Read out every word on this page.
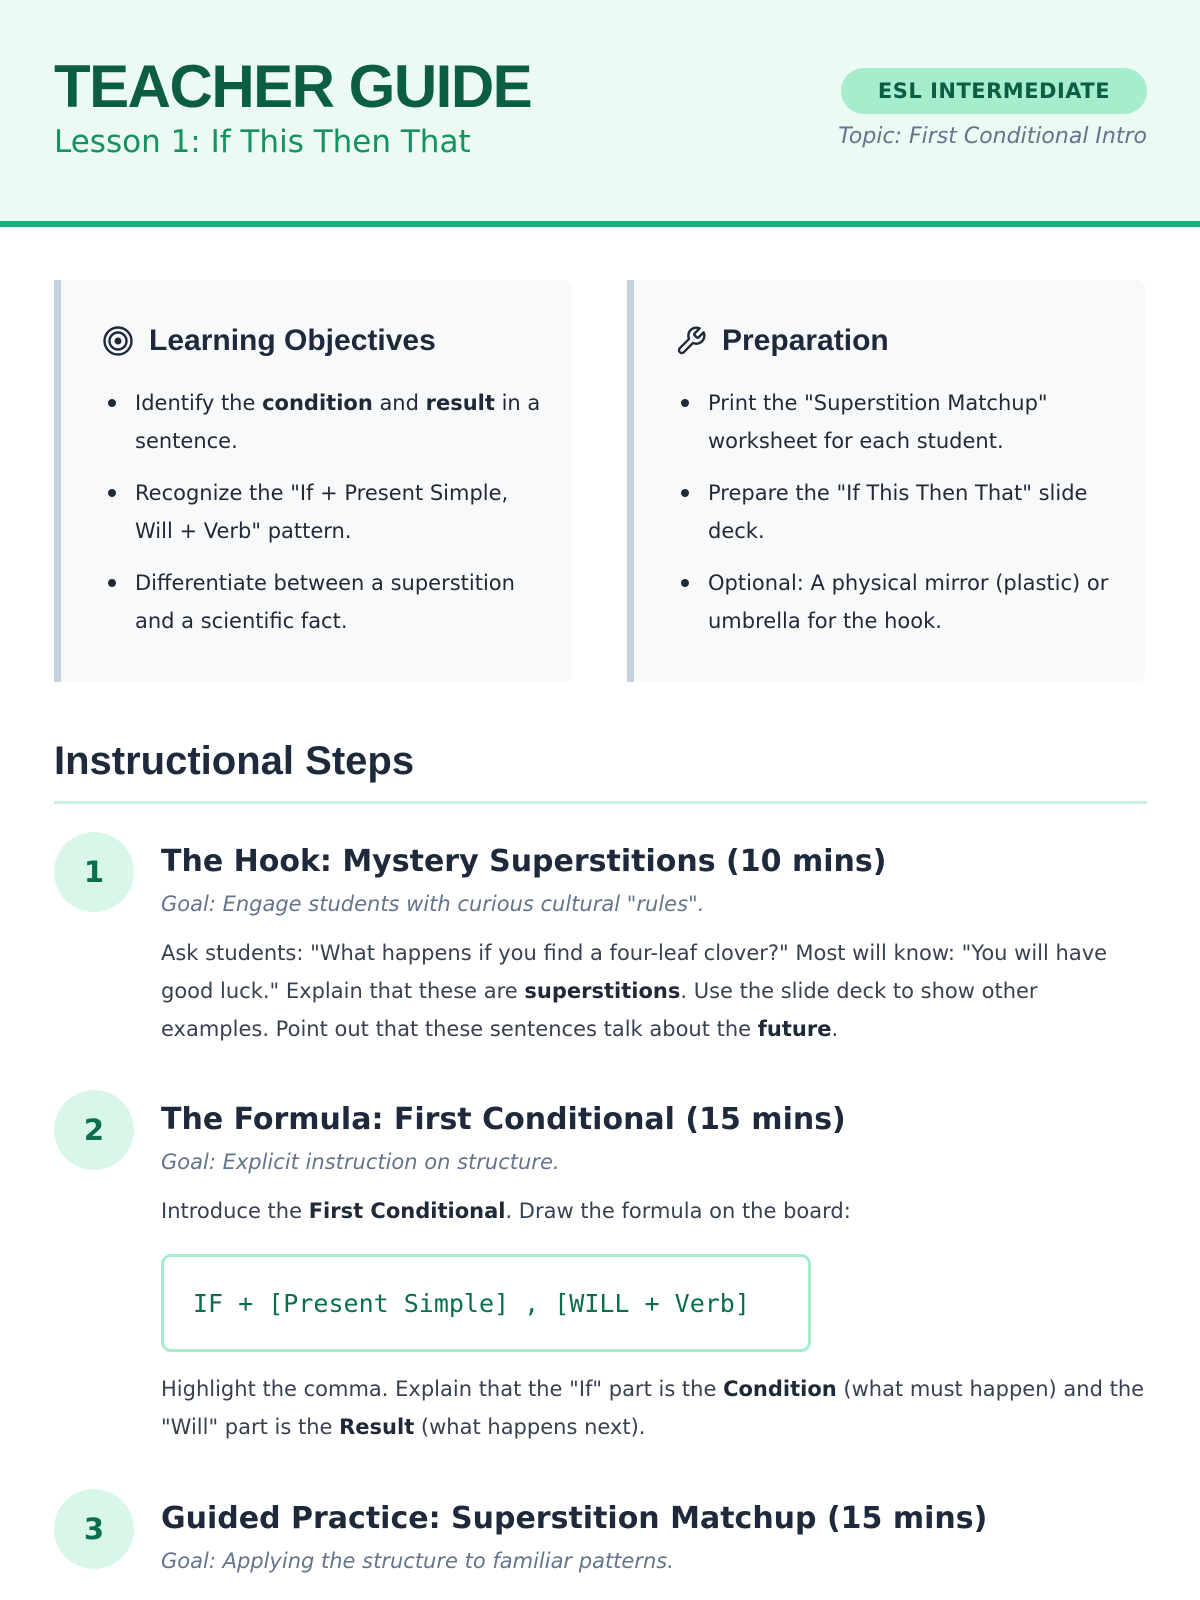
TEACHER GUIDE
Lesson 1: If This Then That
ESL INTERMEDIATE
Topic: First Conditional Intro
Learning Objectives
Identify the condition and result in a sentence.
Recognize the "If + Present Simple, Will + Verb" pattern.
Differentiate between a superstition and a scientific fact.
Preparation
Print the "Superstition Matchup" worksheet for each student.
Prepare the "If This Then That" slide deck.
Optional: A physical mirror (plastic) or umbrella for the hook.
Instructional Steps
1	The Hook: Mystery Superstitions (10 mins)
Goal: Engage students with curious cultural "rules".
Ask students: "What happens if you find a four-leaf clover?" Most will know: "You will have good luck." Explain that these are superstitions. Use the slide deck to show other examples. Point out that these sentences talk about the future.
2	The Formula: First Conditional (15 mins)
Goal: Explicit instruction on structure.
Introduce the First Conditional. Draw the formula on the board:
IF + [Present Simple] , [WILL + Verb]
Highlight the comma. Explain that the "If" part is the Condition (what must happen) and the "Will" part is the Result (what happens next).
3	Guided Practice: Superstition Matchup (15 mins)
Goal: Applying the structure to familiar patterns.
